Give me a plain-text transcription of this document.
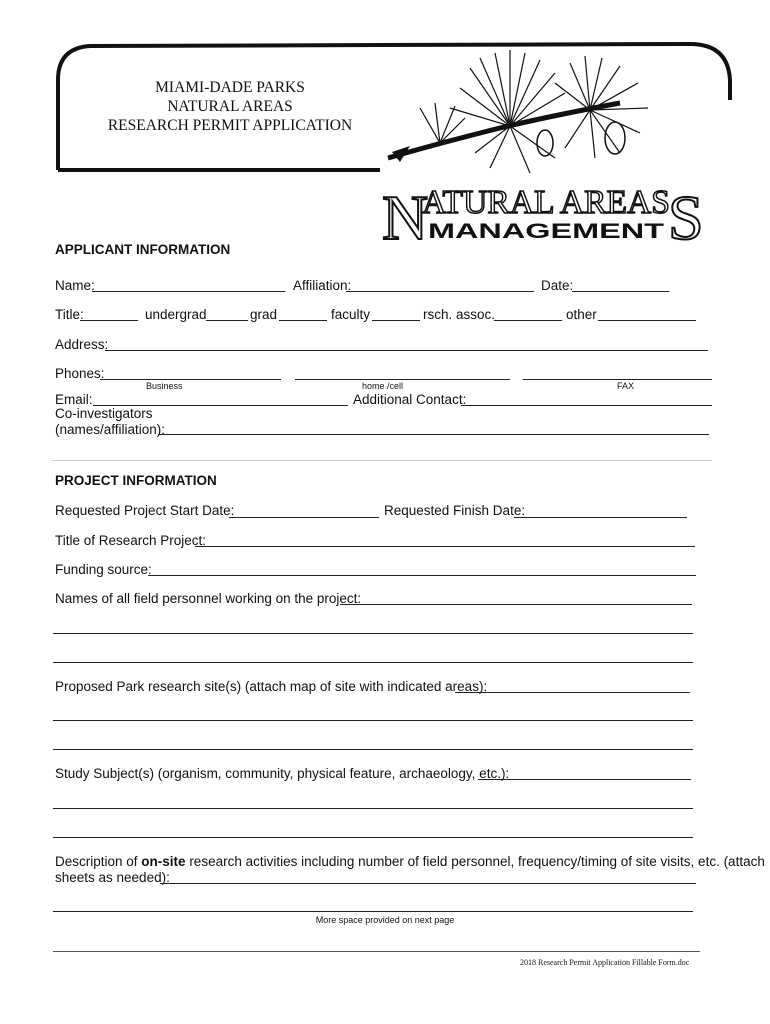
MIAMI-DADE PARKS
NATURAL AREAS
RESEARCH PERMIT APPLICATION
N
ATURAL AREAS
S
MANAGEMENT
APPLICANT INFORMATION
Name:	Affiliation:	Date:
Title:	undergrad	grad	faculty	rsch. assoc.	other
Address:
Phones:
Business	home /cell	FAX
Email:	Additional Contact:
Co-investigators
(names/affiliation):
PROJECT INFORMATION
Requested Project Start Date:	Requested Finish Date:
Title of Research Project:
Funding source:
Names of all field personnel working on the project:
Proposed Park research site(s) (attach map of site with indicated areas):
Study Subject(s) (organism, community, physical feature, archaeology, etc.):
Description of on-site research activities including number of field personnel, frequency/timing of site visits, etc. (attach
sheets as needed):
More space provided on next page
2018 Research Permit Application Fillable Form.doc
